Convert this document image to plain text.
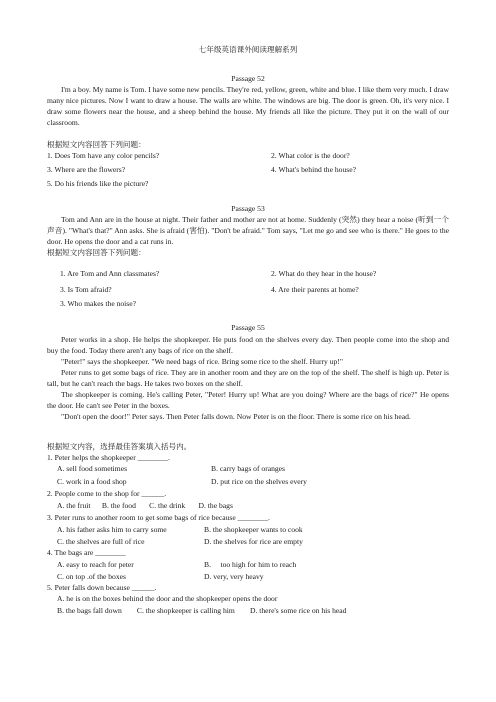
七年级英语课外阅读理解系列
Passage 52
I'm a boy. My name is Tom. I have some new pencils. They're red, yellow, green, white and blue. I like them very much. I draw many nice pictures. Now I want to draw a house. The walls are white. The windows are big. The door is green. Oh, it's very nice. I draw some flowers near the house, and a sheep behind the house. My friends all like the picture. They put it on the wall of our classroom.
根据短文内容回答下列问题：
1. Does Tom have any color pencils?	2. What color is the door?
3. Where are the flowers?	4. What's behind the house?
5. Do his friends like the picture?
Passage 53
Tom and Ann are in the house at night. Their father and mother are not at home. Suddenly (突然) they hear a noise (听到一个声音). "What's that?" Ann asks. She is afraid (害怕). "Don't be afraid." Tom says, "Let me go and see who is there." He goes to the door. He opens the door and a cat runs in.
根据短文内容回答下列问题：
1. Are Tom and Ann classmates?	2. What do they hear in the house?
3. Is Tom afraid?	4. Are their parents at home?
3. Who makes the noise?
Passage 55
Peter works in a shop. He helps the shopkeeper. He puts food on the shelves every day. Then people come into the shop and buy the food. Today there aren't any bags of rice on the shelf.
"Peter!" says the shopkeeper. "We need bags of rice. Bring some rice to the shelf. Hurry up!"
Peter runs to get some bags of rice. They are in another room and they are on the top of the shelf. The shelf is high up. Peter is tall, but he can't reach the bags. He takes two boxes on the shelf.
The shopkeeper is coming. He's calling Peter, "Peter! Hurry up! What are you doing? Where are the bags of rice?" He opens the door. He can't see Peter in the boxes.
"Don't open the door!" Peter says. Then Peter falls down. Now Peter is on the floor. There is some rice on his head.
根据短文内容，选择最佳答案填入括号内。
1. Peter helps the shopkeeper ________.
A. sell food sometimes	B. carry bags of oranges
C. work in a food shop	D. put rice on the shelves every
2. People come to the shop for ______.
A. the fruit      B. the food       C. the drink       D. the bags
3. Peter runs to another room to get some bags of rice because ________.
A. his father asks him to carry some	B. the shopkeeper wants to cook
C. the shelves are full of rice	D. the shelves for rice are empty
4. The bags are ________
A. easy to reach for peter	B.     too high for him to reach
C. on top .of the boxes	D. very, very heavy
5. Peter falls down because ______.
A. he is on the boxes behind the door and the shopkeeper opens the door
B. the bags fall down        C. the shopkeeper is calling him        D. there's some rice on his head
